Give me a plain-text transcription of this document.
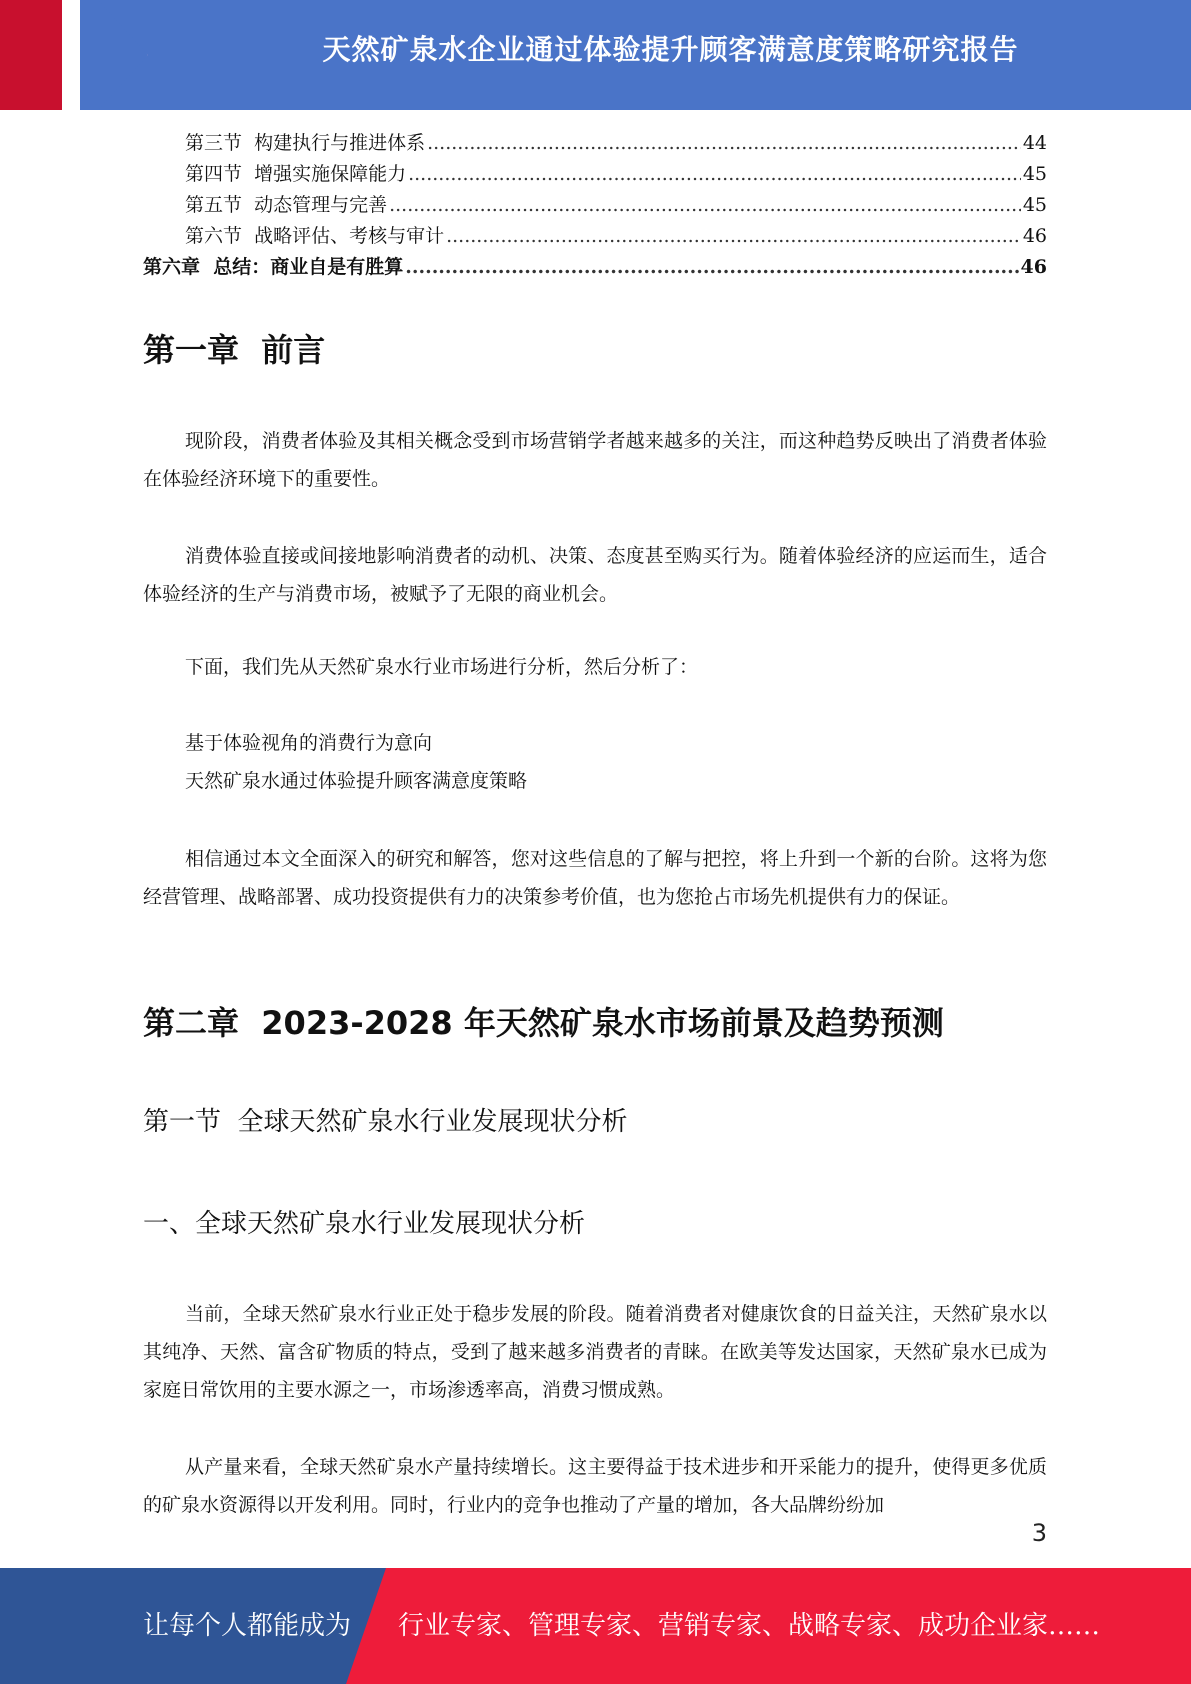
天然矿泉水企业通过体验提升顾客满意度策略研究报告
第三节  构建执行与推进体系 .....	44
第四节  增强实施保障能力 .....	45
第五节  动态管理与完善 .....	45
第六节  战略评估、考核与审计 .....	46
第六章  总结：商业自是有胜算 .....	46
第一章  前言

现阶段，消费者体验及其相关概念受到市场营销学者越来越多的关注，而这种趋势反映出了消费者体验在体验经济环境下的重要性。

消费体验直接或间接地影响消费者的动机、决策、态度甚至购买行为。随着体验经济的应运而生，适合体验经济的生产与消费市场，被赋予了无限的商业机会。

下面，我们先从天然矿泉水行业市场进行分析，然后分析了：

基于体验视角的消费行为意向

天然矿泉水通过体验提升顾客满意度策略

相信通过本文全面深入的研究和解答，您对这些信息的了解与把控，将上升到一个新的台阶。这将为您经营管理、战略部署、成功投资提供有力的决策参考价值，也为您抢占市场先机提供有力的保证。

第二章  2023-2028 年天然矿泉水市场前景及趋势预测
第一节  全球天然矿泉水行业发展现状分析
一、全球天然矿泉水行业发展现状分析

当前，全球天然矿泉水行业正处于稳步发展的阶段。随着消费者对健康饮食的日益关注，天然矿泉水以其纯净、天然、富含矿物质的特点，受到了越来越多消费者的青睐。在欧美等发达国家，天然矿泉水已成为家庭日常饮用的主要水源之一，市场渗透率高，消费习惯成熟。

从产量来看，全球天然矿泉水产量持续增长。这主要得益于技术进步和开采能力的提升，使得更多优质的矿泉水资源得以开发利用。同时，行业内的竞争也推动了产量的增加，各大品牌纷纷加

3
让每个人都能成为 行业专家、管理专家、营销专家、战略专家、成功企业家……
